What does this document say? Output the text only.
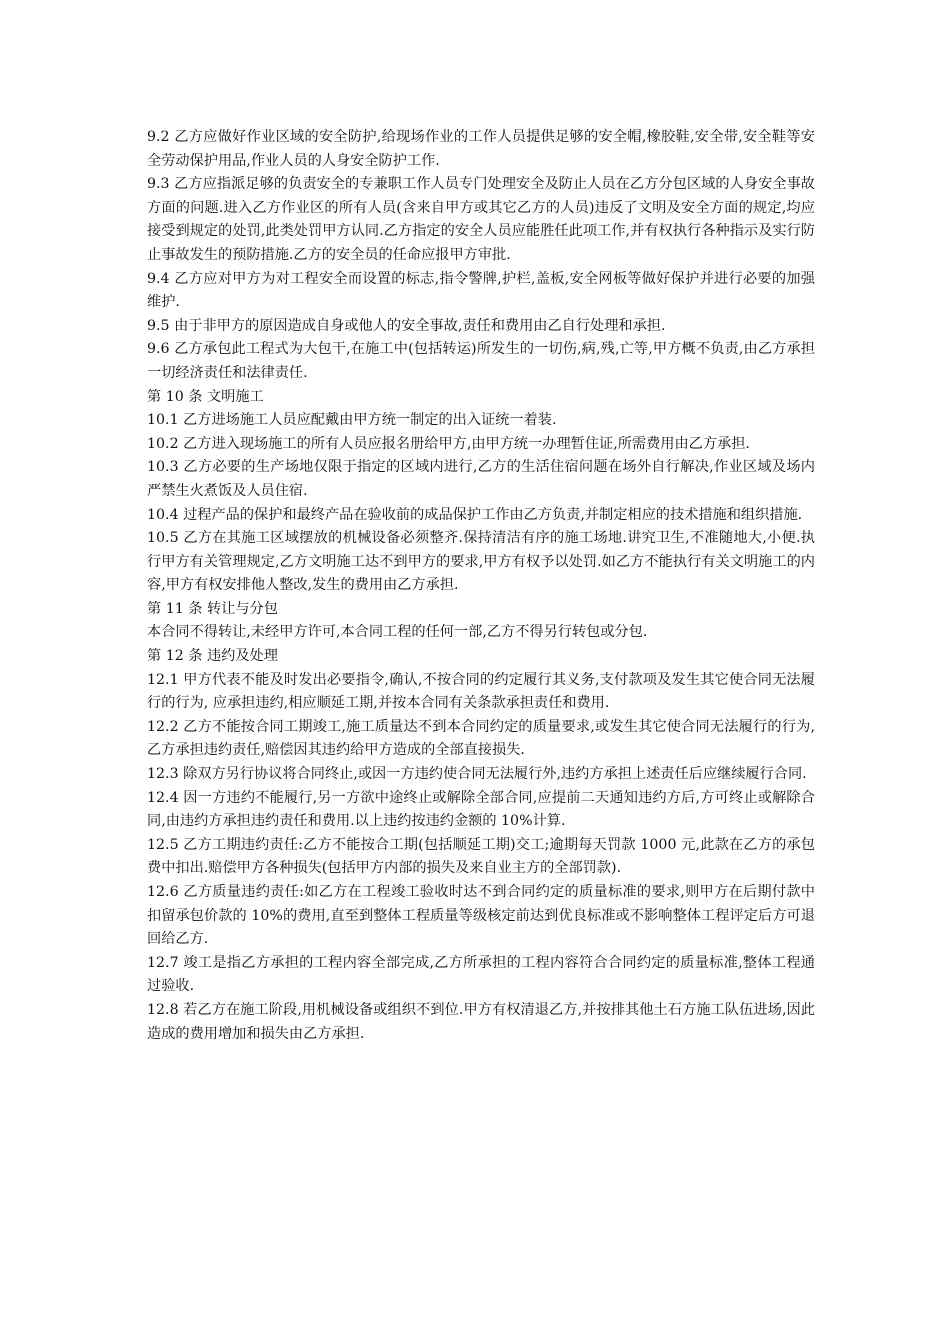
9.2 乙方应做好作业区域的安全防护,给现场作业的工作人员提供足够的安全帽,橡胶鞋,安全带,安全鞋等安全劳动保护用品,作业人员的人身安全防护工作.

9.3 乙方应指派足够的负责安全的专兼职工作人员专门处理安全及防止人员在乙方分包区域的人身安全事故方面的问题.进入乙方作业区的所有人员(含来自甲方或其它乙方的人员)违反了文明及安全方面的规定,均应接受到规定的处罚,此类处罚甲方认同.乙方指定的安全人员应能胜任此项工作,并有权执行各种指示及实行防止事故发生的预防措施.乙方的安全员的任命应报甲方审批.

9.4 乙方应对甲方为对工程安全而设置的标志,指令警牌,护栏,盖板,安全网板等做好保护并进行必要的加强维护.

9.5 由于非甲方的原因造成自身或他人的安全事故,责任和费用由乙自行处理和承担.

9.6 乙方承包此工程式为大包干,在施工中(包括转运)所发生的一切伤,病,残,亡等,甲方概不负责,由乙方承担一切经济责任和法律责任.

第 10 条 文明施工

10.1 乙方进场施工人员应配戴由甲方统一制定的出入证统一着装.

10.2 乙方进入现场施工的所有人员应报名册给甲方,由甲方统一办理暂住证,所需费用由乙方承担.

10.3 乙方必要的生产场地仅限于指定的区域内进行,乙方的生活住宿问题在场外自行解决,作业区域及场内严禁生火煮饭及人员住宿.

10.4 过程产品的保护和最终产品在验收前的成品保护工作由乙方负责,并制定相应的技术措施和组织措施.

10.5 乙方在其施工区域摆放的机械设备必须整齐.保持清洁有序的施工场地.讲究卫生,不准随地大,小便.执行甲方有关管理规定,乙方文明施工达不到甲方的要求,甲方有权予以处罚.如乙方不能执行有关文明施工的内容,甲方有权安排他人整改,发生的费用由乙方承担.

第 11 条 转让与分包

本合同不得转让,未经甲方许可,本合同工程的任何一部,乙方不得另行转包或分包.

第 12 条 违约及处理

12.1 甲方代表不能及时发出必要指令,确认,不按合同的约定履行其义务,支付款项及发生其它使合同无法履行的行为, 应承担违约,相应顺延工期,并按本合同有关条款承担责任和费用.

12.2 乙方不能按合同工期竣工,施工质量达不到本合同约定的质量要求,或发生其它使合同无法履行的行为,乙方承担违约责任,赔偿因其违约给甲方造成的全部直接损失.

12.3 除双方另行协议将合同终止,或因一方违约使合同无法履行外,违约方承担上述责任后应继续履行合同.

12.4 因一方违约不能履行,另一方欲中途终止或解除全部合同,应提前二天通知违约方后,方可终止或解除合同,由违约方承担违约责任和费用.以上违约按违约金额的 10%计算.

12.5 乙方工期违约责任:乙方不能按合工期(包括顺延工期)交工;逾期每天罚款 1000 元,此款在乙方的承包费中扣出.赔偿甲方各种损失(包括甲方内部的损失及来自业主方的全部罚款).

12.6 乙方质量违约责任:如乙方在工程竣工验收时达不到合同约定的质量标准的要求,则甲方在后期付款中扣留承包价款的 10%的费用,直至到整体工程质量等级核定前达到优良标准或不影响整体工程评定后方可退回给乙方.

12.7 竣工是指乙方承担的工程内容全部完成,乙方所承担的工程内容符合合同约定的质量标准,整体工程通过验收.

12.8 若乙方在施工阶段,用机械设备或组织不到位.甲方有权清退乙方,并按排其他土石方施工队伍进场,因此造成的费用增加和损失由乙方承担.
